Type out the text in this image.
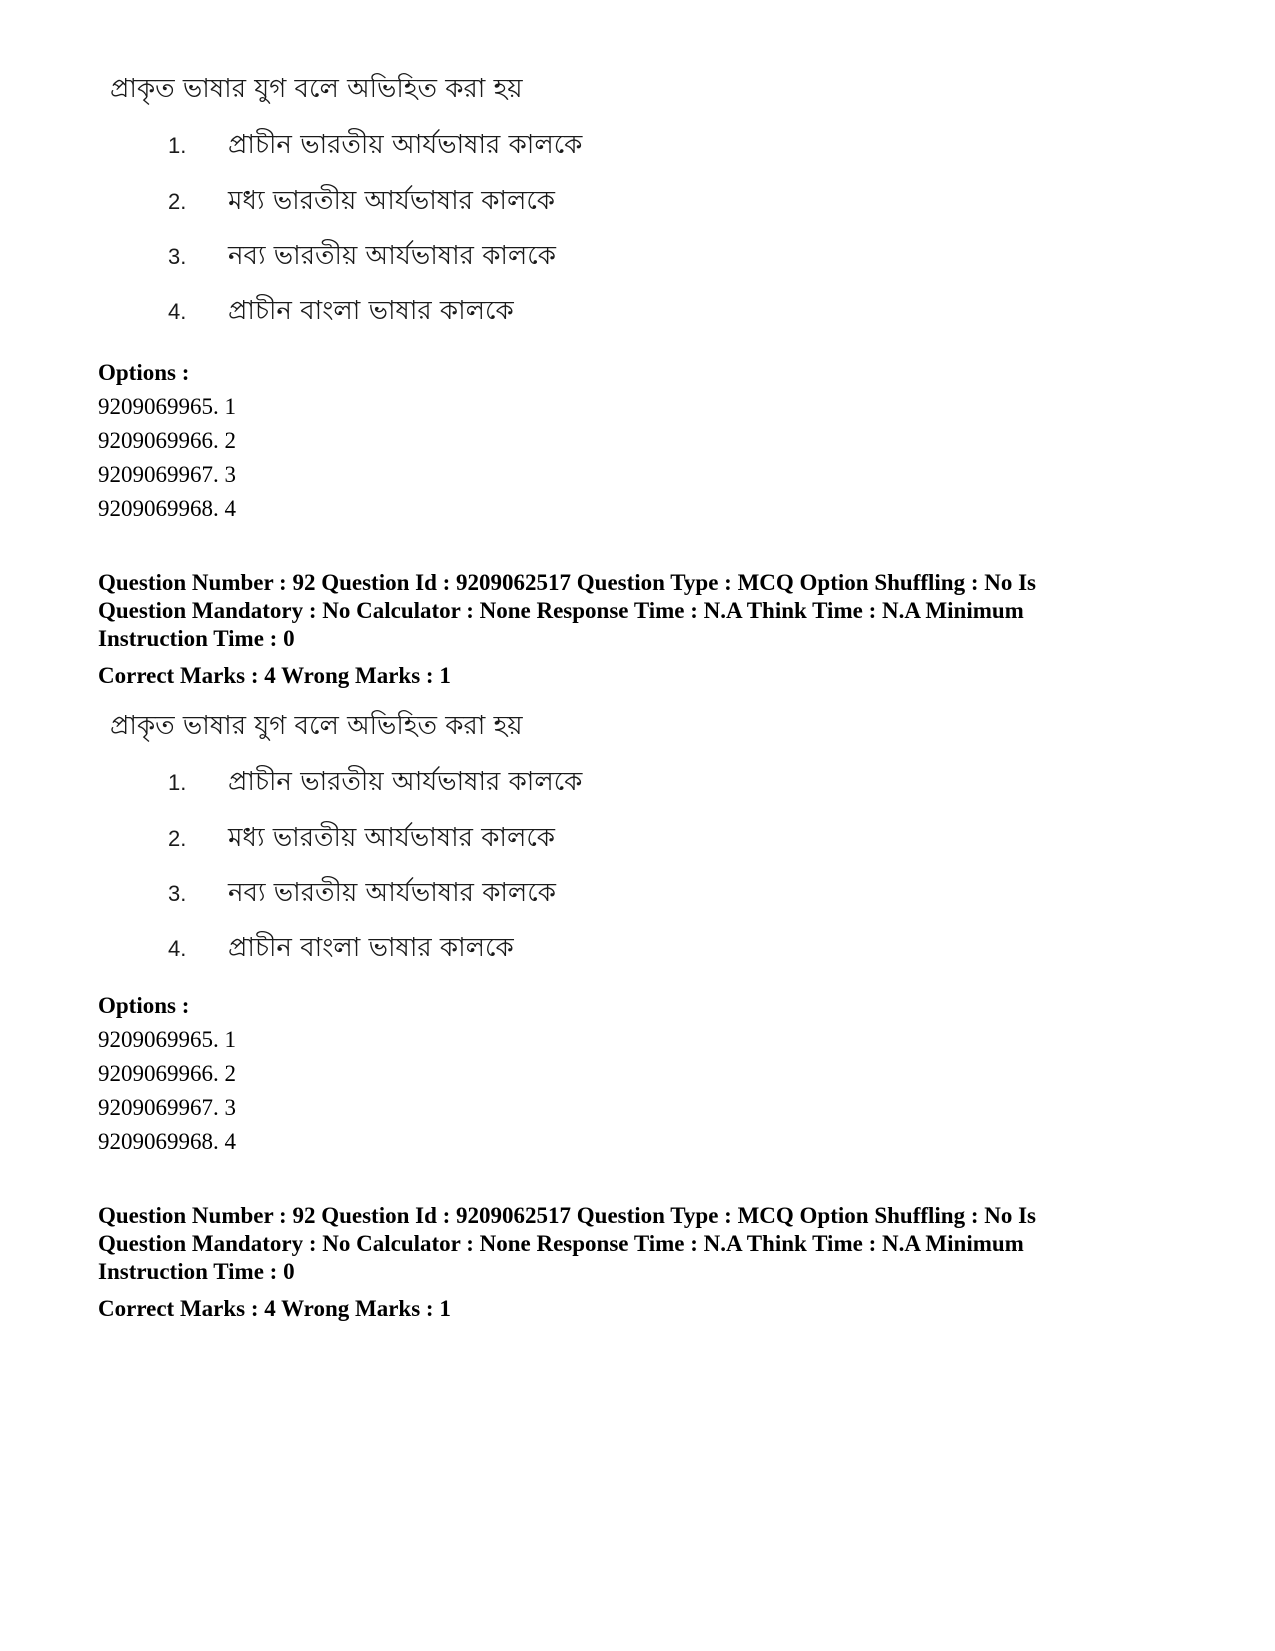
প্রাকৃত ভাষার যুগ বলে অভিহিত করা হয়
1. প্রাচীন ভারতীয় আর্যভাষার কালকে
2. মধ্য ভারতীয় আর্যভাষার কালকে
3. নব্য ভারতীয় আর্যভাষার কালকে
4. প্রাচীন বাংলা ভাষার কালকে
Options :
9209069965. 1
9209069966. 2
9209069967. 3
9209069968. 4
Question Number : 92 Question Id : 9209062517 Question Type : MCQ Option Shuffling : No Is
Question Mandatory : No Calculator : None Response Time : N.A Think Time : N.A Minimum
Instruction Time : 0
Correct Marks : 4 Wrong Marks : 1
প্রাকৃত ভাষার যুগ বলে অভিহিত করা হয়
1. প্রাচীন ভারতীয় আর্যভাষার কালকে
2. মধ্য ভারতীয় আর্যভাষার কালকে
3. নব্য ভারতীয় আর্যভাষার কালকে
4. প্রাচীন বাংলা ভাষার কালকে
Options :
9209069965. 1
9209069966. 2
9209069967. 3
9209069968. 4
Question Number : 92 Question Id : 9209062517 Question Type : MCQ Option Shuffling : No Is
Question Mandatory : No Calculator : None Response Time : N.A Think Time : N.A Minimum
Instruction Time : 0
Correct Marks : 4 Wrong Marks : 1
